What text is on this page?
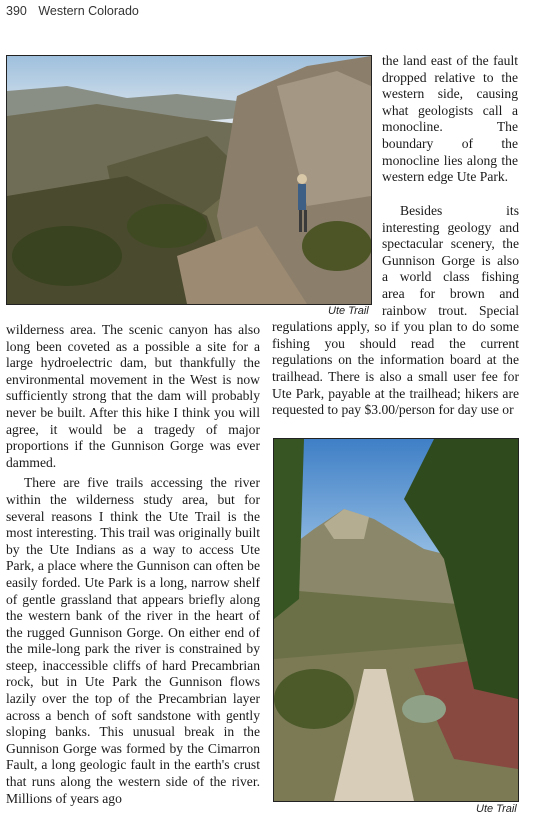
390 Western Colorado
Ute Trail

the land east of the fault dropped relative to the western side, causing what geologists call a monocline. The boundary of the monocline lies along the western edge Ute Park.

Besides its interesting geology and spectacular scenery, the Gunnison Gorge is also a world class fishing area for brown and rainbow trout. Special regulations apply, so if you plan to do some fishing you should read the current regulations on the information board at the trailhead. There is also a small user fee for Ute Park, payable at the trailhead; hikers are requested to pay $3.00/person for day use or

wilderness area. The scenic canyon has also long been coveted as a possible a site for a large hydroelectric dam, but thankfully the environmental movement in the West is now sufficiently strong that the dam will probably never be built. After this hike I think you will agree, it would be a tragedy of major proportions if the Gunnison Gorge was ever dammed.

There are five trails accessing the river within the wilderness study area, but for several reasons I think the Ute Trail is the most interesting. This trail was originally built by the Ute Indians as a way to access Ute Park, a place where the Gunnison can often be easily forded. Ute Park is a long, narrow shelf of gentle grassland that appears briefly along the western bank of the river in the heart of the rugged Gunnison Gorge. On either end of the mile-long park the river is constrained by steep, inaccessible cliffs of hard Precambrian rock, but in Ute Park the Gunnison flows lazily over the top of the Precambrian layer across a bench of soft sandstone with gently sloping banks. This unusual break in the Gunnison Gorge was formed by the Cimarron Fault, a long geologic fault in the earth's crust that runs along the western side of the river. Millions of years ago

Ute Trail
